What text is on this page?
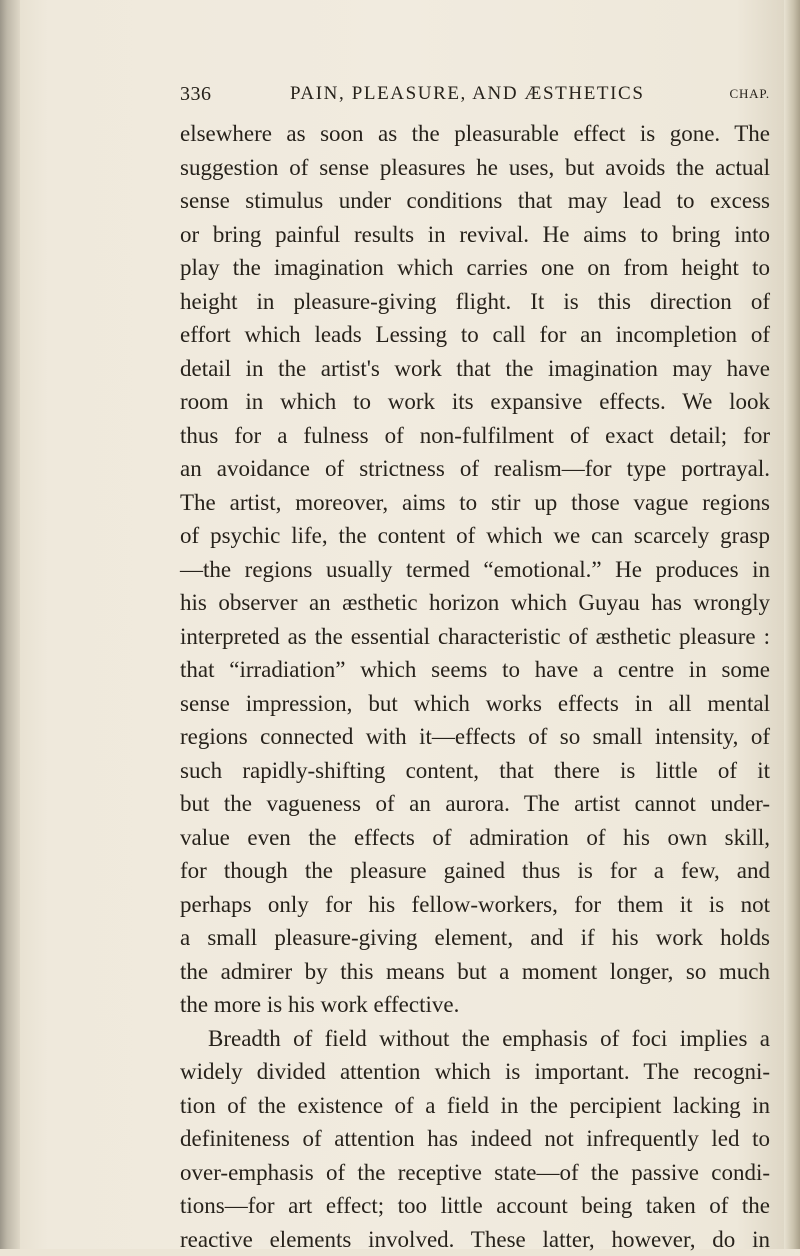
336	PAIN, PLEASURE, AND ÆSTHETICS	CHAP.
elsewhere as soon as the pleasurable effect is gone. The
suggestion of sense pleasures he uses, but avoids the actual
sense stimulus under conditions that may lead to excess
or bring painful results in revival. He aims to bring into
play the imagination which carries one on from height to
height in pleasure-giving flight. It is this direction of
effort which leads Lessing to call for an incompletion of
detail in the artist's work that the imagination may have
room in which to work its expansive effects. We look
thus for a fulness of non-fulfilment of exact detail; for
an avoidance of strictness of realism—for type portrayal.
The artist, moreover, aims to stir up those vague regions
of psychic life, the content of which we can scarcely grasp
—the regions usually termed “emotional.” He produces in
his observer an æsthetic horizon which Guyau has wrongly
interpreted as the essential characteristic of æsthetic pleasure :
that “irradiation” which seems to have a centre in some
sense impression, but which works effects in all mental
regions connected with it—effects of so small intensity, of
such rapidly-shifting content, that there is little of it
but the vagueness of an aurora. The artist cannot under-
value even the effects of admiration of his own skill,
for though the pleasure gained thus is for a few, and
perhaps only for his fellow-workers, for them it is not
a small pleasure-giving element, and if his work holds
the admirer by this means but a moment longer, so much
the more is his work effective.
Breadth of field without the emphasis of foci implies a
widely divided attention which is important. The recogni-
tion of the existence of a field in the percipient lacking in
definiteness of attention has indeed not infrequently led to
over-emphasis of the receptive state—of the passive condi-
tions—for art effect; too little account being taken of the
reactive elements involved. These latter, however, do in
